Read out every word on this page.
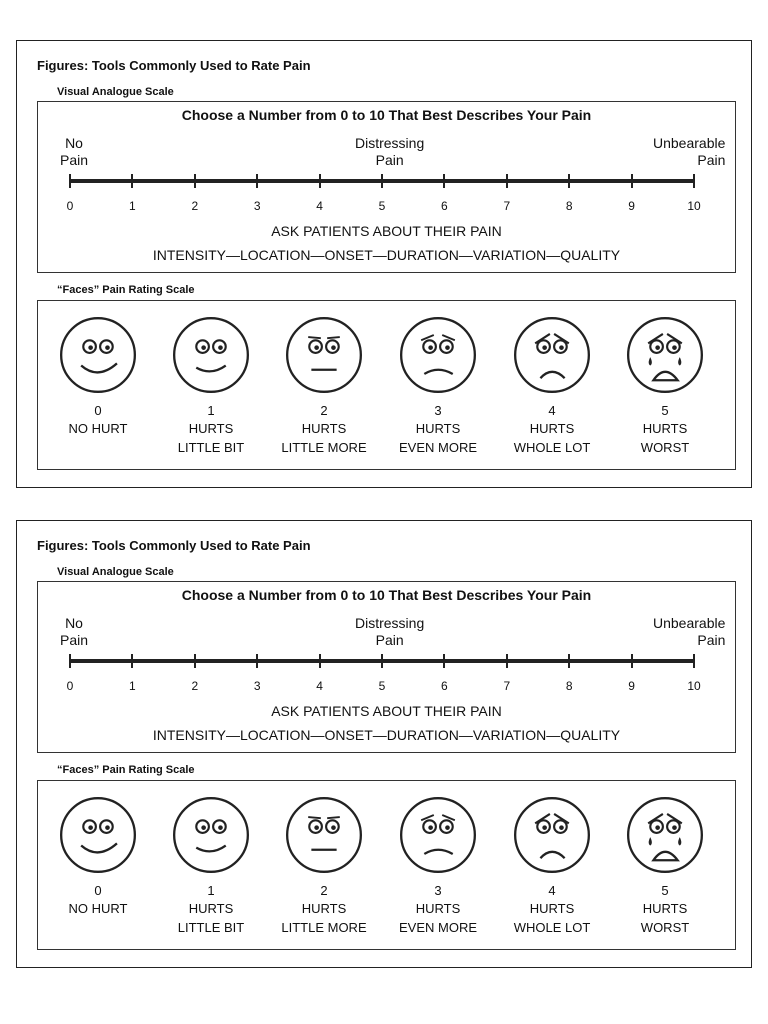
Figures: Tools Commonly Used to Rate Pain
Visual Analogue Scale
Choose a Number from 0 to 10 That Best Describes Your Pain
No
Pain
Distressing
Pain
Unbearable
Pain
0	1	2	3	4	5	6	7	8	9	10
ASK PATIENTS ABOUT THEIR PAIN
INTENSITY—LOCATION—ONSET—DURATION—VARIATION—QUALITY
“Faces” Pain Rating Scale
0
NO HURT
1
HURTS
LITTLE BIT
2
HURTS
LITTLE MORE
3
HURTS
EVEN MORE
4
HURTS
WHOLE LOT
5
HURTS
WORST
Figures: Tools Commonly Used to Rate Pain
Visual Analogue Scale
Choose a Number from 0 to 10 That Best Describes Your Pain
No
Pain
Distressing
Pain
Unbearable
Pain
0	1	2	3	4	5	6	7	8	9	10
ASK PATIENTS ABOUT THEIR PAIN
INTENSITY—LOCATION—ONSET—DURATION—VARIATION—QUALITY
“Faces” Pain Rating Scale
0
NO HURT
1
HURTS
LITTLE BIT
2
HURTS
LITTLE MORE
3
HURTS
EVEN MORE
4
HURTS
WHOLE LOT
5
HURTS
WORST
